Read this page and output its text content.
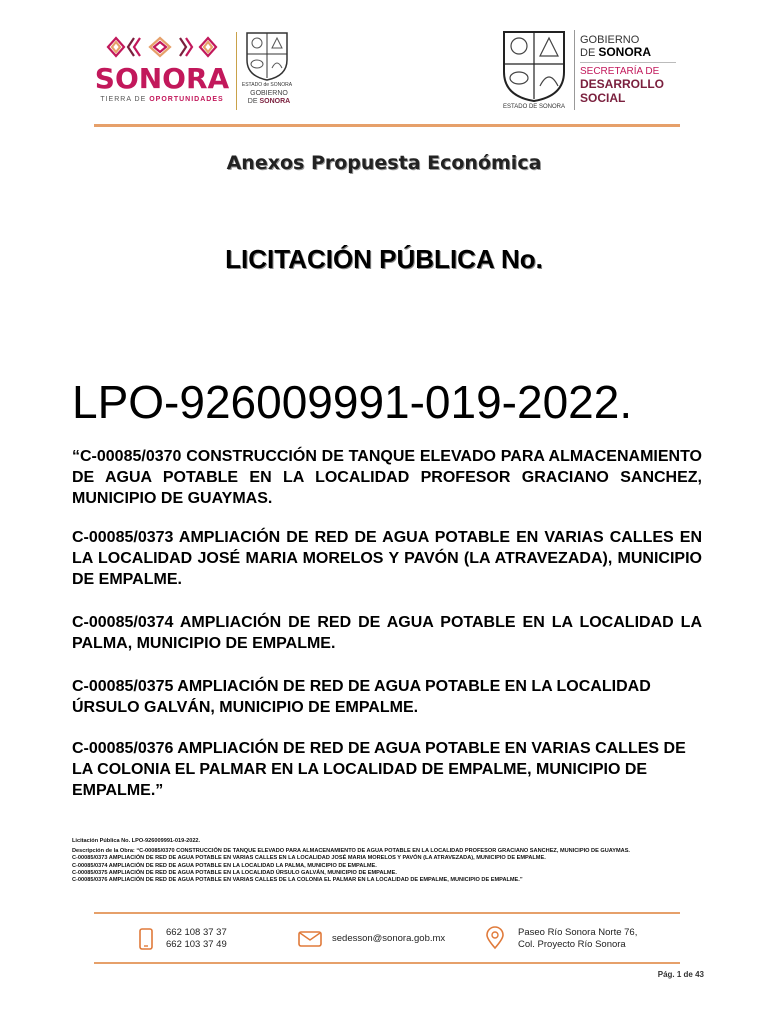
SONORA
TIERRA DE OPORTUNIDADES
ESTADO de SONORA
GOBIERNO
DE SONORA
ESTADO DE SONORA
GOBIERNO
DE SONORA
SECRETARÍA DE
DESARROLLO
SOCIAL
Anexos Propuesta Económica
LICITACIÓN PÚBLICA No.
LPO-926009991-019-2022.
“C-00085/0370 CONSTRUCCIÓN DE TANQUE ELEVADO PARA ALMACENAMIENTO DE AGUA POTABLE EN LA LOCALIDAD PROFESOR GRACIANO SANCHEZ, MUNICIPIO DE GUAYMAS.
C-00085/0373 AMPLIACIÓN DE RED DE AGUA POTABLE EN VARIAS CALLES EN LA LOCALIDAD JOSÉ MARIA MORELOS Y PAVÓN (LA ATRAVEZADA), MUNICIPIO DE EMPALME.
C-00085/0374 AMPLIACIÓN DE RED DE AGUA POTABLE EN LA LOCALIDAD LA PALMA, MUNICIPIO DE EMPALME.
C-00085/0375 AMPLIACIÓN DE RED DE AGUA POTABLE EN LA LOCALIDAD ÚRSULO GALVÁN, MUNICIPIO DE EMPALME.
C-00085/0376 AMPLIACIÓN DE RED DE AGUA POTABLE EN VARIAS CALLES DE LA COLONIA EL PALMAR EN LA LOCALIDAD DE EMPALME, MUNICIPIO DE EMPALME.”
Licitación Pública No. LPO-926009991-019-2022.
Descripción de la Obra: “C-00085/0370 CONSTRUCCIÓN DE TANQUE ELEVADO PARA ALMACENAMIENTO DE AGUA POTABLE EN LA LOCALIDAD PROFESOR GRACIANO SANCHEZ, MUNICIPIO DE GUAYMAS.
C-00085/0373 AMPLIACIÓN DE RED DE AGUA POTABLE EN VARIAS CALLES EN LA LOCALIDAD JOSÉ MARIA MORELOS Y PAVÓN (LA ATRAVEZADA), MUNICIPIO DE EMPALME.
C-00085/0374 AMPLIACIÓN DE RED DE AGUA POTABLE EN LA LOCALIDAD LA PALMA, MUNICIPIO DE EMPALME.
C-00085/0375 AMPLIACIÓN DE RED DE AGUA POTABLE EN LA LOCALIDAD ÚRSULO GALVÁN, MUNICIPIO DE EMPALME.
C-00085/0376 AMPLIACIÓN DE RED DE AGUA POTABLE EN VARIAS CALLES DE LA COLONIA EL PALMAR EN LA LOCALIDAD DE EMPALME, MUNICIPIO DE EMPALME.”
662 108 37 37
662 103 37 49
sedesson@sonora.gob.mx
Paseo Río Sonora Norte 76,
Col. Proyecto Río Sonora
Pág. 1 de 43
